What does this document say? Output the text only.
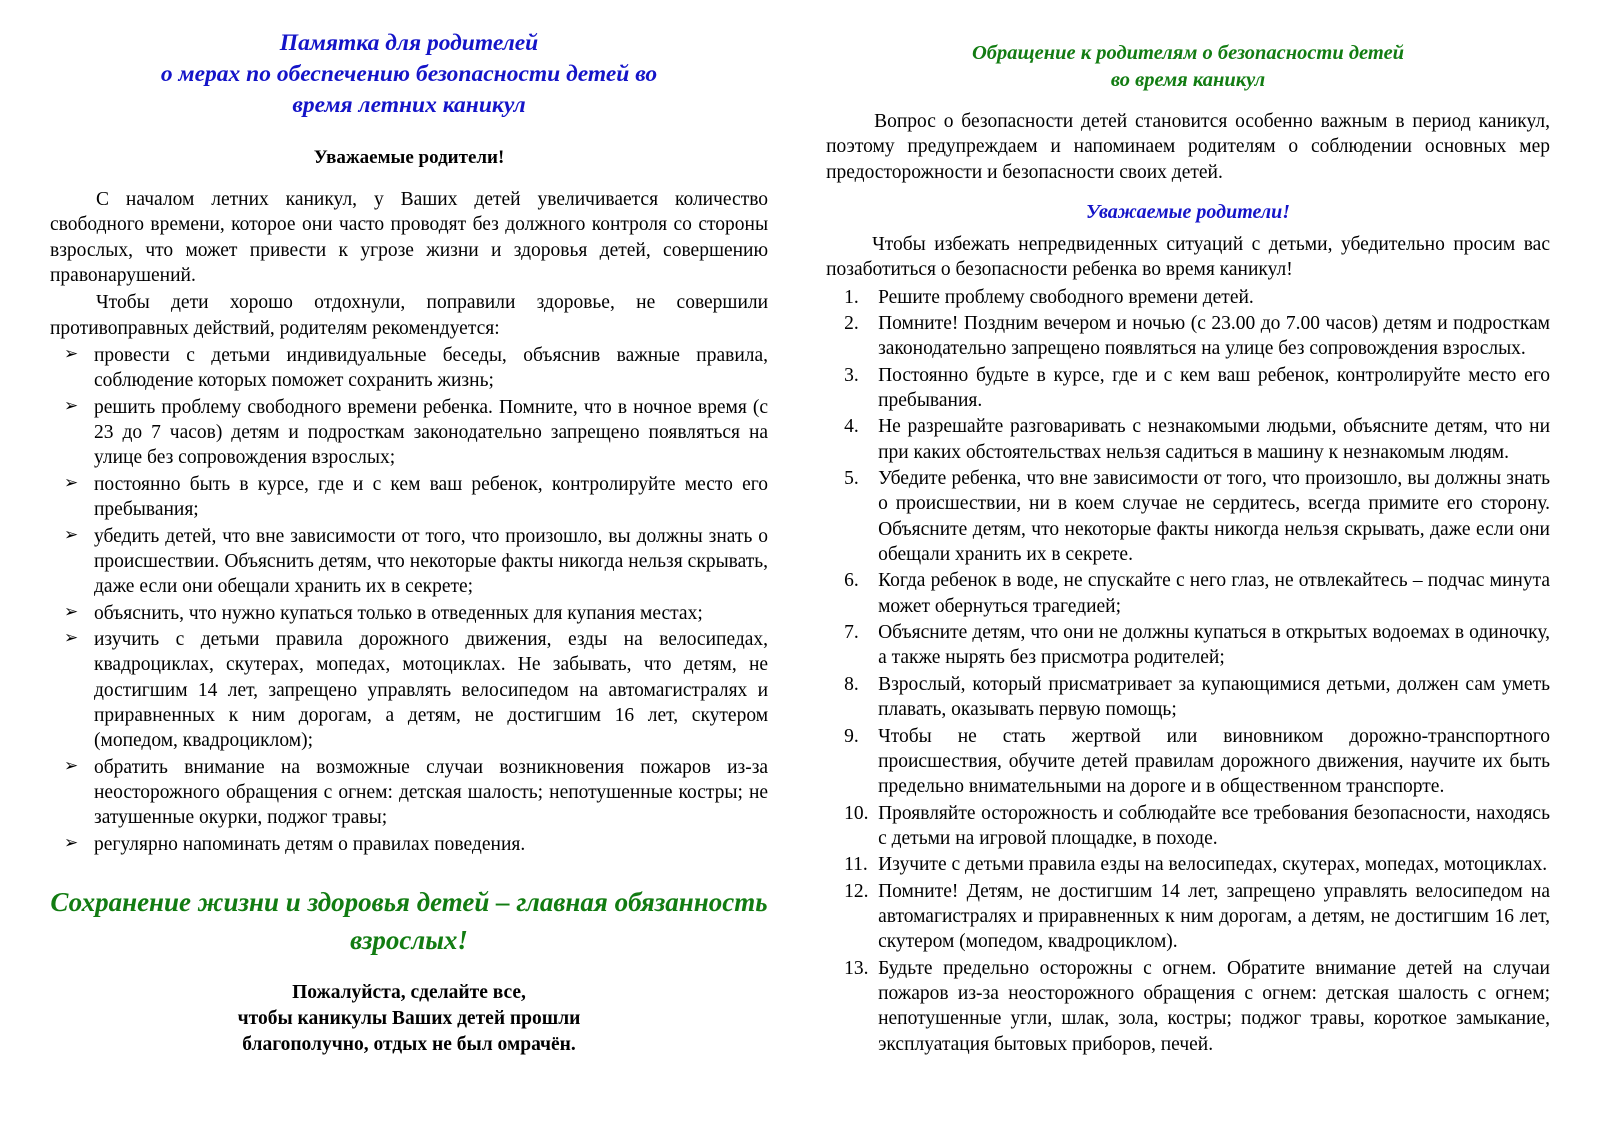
Памятка для родителей
о мерах по обеспечению безопасности детей во
время летних каникул
Уважаемые родители!

С началом летних каникул, у Ваших детей увеличивается количество свободного времени, которое они часто проводят без должного контроля со стороны взрослых, что может привести к угрозе жизни и здоровья детей, совершению правонарушений.

Чтобы дети хорошо отдохнули, поправили здоровье, не совершили противоправных действий, родителям рекомендуется:

➢ провести с детьми индивидуальные беседы, объяснив важные правила, соблюдение которых поможет сохранить жизнь;
➢ решить проблему свободного времени ребенка. Помните, что в ночное время (с 23 до 7 часов) детям и подросткам законодательно запрещено появляться на улице без сопровождения взрослых;
➢ постоянно быть в курсе, где и с кем ваш ребенок, контролируйте место его пребывания;
➢ убедить детей, что вне зависимости от того, что произошло, вы должны знать о происшествии. Объяснить детям, что некоторые факты никогда нельзя скрывать, даже если они обещали хранить их в секрете;
➢ объяснить, что нужно купаться только в отведенных для купания местах;
➢ изучить с детьми правила дорожного движения, езды на велосипедах, квадроциклах, скутерах, мопедах, мотоциклах. Не забывать, что детям, не достигшим 14 лет, запрещено управлять велосипедом на автомагистралях и приравненных к ним дорогам, а детям, не достигшим 16 лет, скутером (мопедом, квадроциклом);
➢ обратить внимание на возможные случаи возникновения пожаров из-за неосторожного обращения с огнем: детская шалость; непотушенные костры; не затушенные окурки, поджог травы;
➢ регулярно напоминать детям о правилах поведения.
Сохранение жизни и здоровья детей – главная обязанность взрослых!
Пожалуйста, сделайте все,
чтобы каникулы Ваших детей прошли
благополучно, отдых не был омрачён.
Обращение к родителям о безопасности детей
во время каникул

Вопрос о безопасности детей становится особенно важным в период каникул, поэтому предупреждаем и напоминаем родителям о соблюдении основных мер предосторожности и безопасности своих детей.

Уважаемые родители!

Чтобы избежать непредвиденных ситуаций с детьми, убедительно просим вас позаботиться о безопасности ребенка во время каникул!

1. Решите проблему свободного времени детей.
2. Помните! Поздним вечером и ночью (с 23.00 до 7.00 часов) детям и подросткам законодательно запрещено появляться на улице без сопровождения взрослых.
3. Постоянно будьте в курсе, где и с кем ваш ребенок, контролируйте место его пребывания.
4. Не разрешайте разговаривать с незнакомыми людьми, объясните детям, что ни при каких обстоятельствах нельзя садиться в машину к незнакомым людям.
5. Убедите ребенка, что вне зависимости от того, что произошло, вы должны знать о происшествии, ни в коем случае не сердитесь, всегда примите его сторону. Объясните детям, что некоторые факты никогда нельзя скрывать, даже если они обещали хранить их в секрете.
6. Когда ребенок в воде, не спускайте с него глаз, не отвлекайтесь – подчас минута может обернуться трагедией;
7. Объясните детям, что они не должны купаться в открытых водоемах в одиночку, а также нырять без присмотра родителей;
8. Взрослый, который присматривает за купающимися детьми, должен сам уметь плавать, оказывать первую помощь;
9. Чтобы не стать жертвой или виновником дорожно-транспортного происшествия, обучите детей правилам дорожного движения, научите их быть предельно внимательными на дороге и в общественном транспорте.
10. Проявляйте осторожность и соблюдайте все требования безопасности, находясь с детьми на игровой площадке, в походе.
11. Изучите с детьми правила езды на велосипедах, скутерах, мопедах, мотоциклах.
12. Помните! Детям, не достигшим 14 лет, запрещено управлять велосипедом на автомагистралях и приравненных к ним дорогам, а детям, не достигшим 16 лет, скутером (мопедом, квадроциклом).
13. Будьте предельно осторожны с огнем. Обратите внимание детей на случаи пожаров из-за неосторожного обращения с огнем: детская шалость с огнем; непотушенные угли, шлак, зола, костры; поджог травы, короткое замыкание, эксплуатация бытовых приборов, печей.
